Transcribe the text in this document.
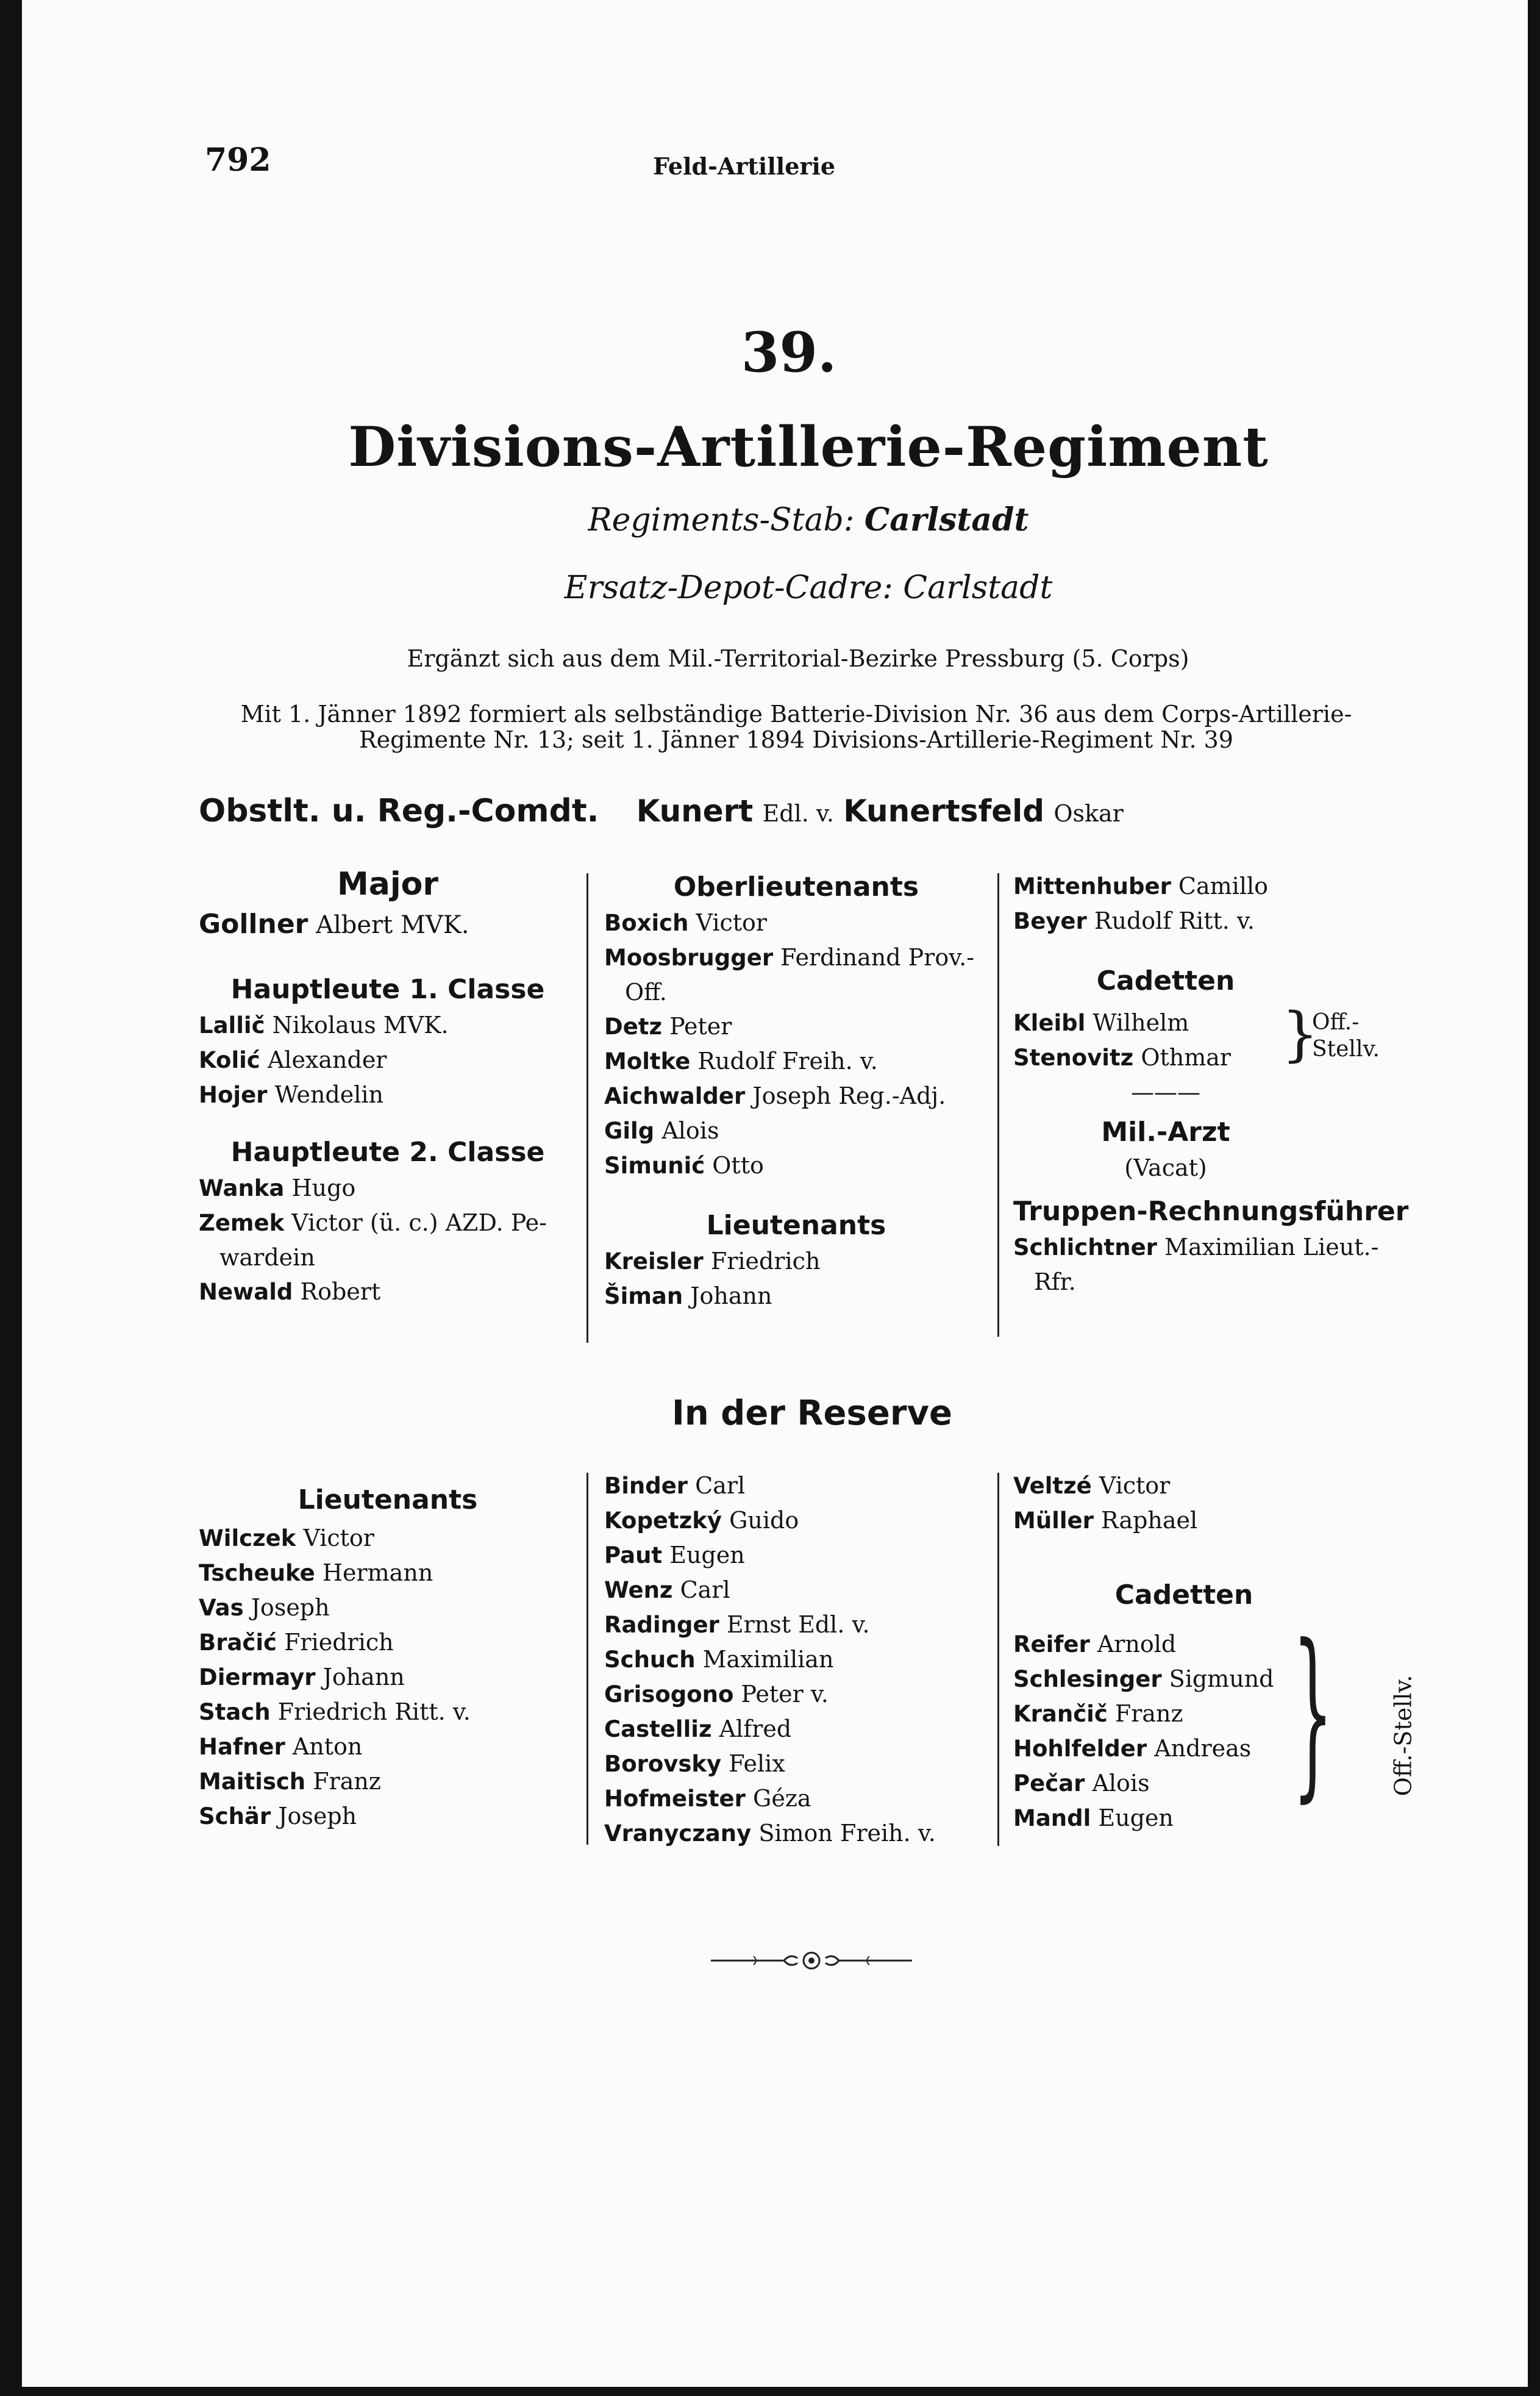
792	Feld-Artillerie
39.
Divisions-Artillerie-Regiment
Regiments-Stab: Carlstadt
Ersatz-Depot-Cadre: Carlstadt
Ergänzt sich aus dem Mil.-Territorial-Bezirke Pressburg (5. Corps)
Mit 1. Jänner 1892 formiert als selbständige Batterie-Division Nr. 36 aus dem Corps-Artillerie-Regimente Nr. 13; seit 1. Jänner 1894 Divisions-Artillerie-Regiment Nr. 39
Obstlt. u. Reg.-Comdt. Kunert Edl. v. Kunertsfeld Oskar
Major
Gollner Albert MVK.
Hauptleute 1. Classe
Lallič Nikolaus MVK.
Kolić Alexander
Hojer Wendelin
Hauptleute 2. Classe
Wanka Hugo
Zemek Victor (ü. c.) AZD. Pe-
wardein
Newald Robert
Oberlieutenants
Boxich Victor
Moosbrugger Ferdinand Prov.-
Off.
Detz Peter
Moltke Rudolf Freih. v.
Aichwalder Joseph Reg.-Adj.
Gilg Alois
Simunić Otto
Lieutenants
Kreisler Friedrich
Šiman Johann
Mittenhuber Camillo
Beyer Rudolf Ritt. v.
Cadetten
Kleibl Wilhelm
Stenovitz Othmar }
Off.-Stellv.
———
Mil.-Arzt
(Vacat)
Truppen-Rechnungsführer
Schlichtner Maximilian Lieut.-
Rfr.
In der Reserve
Lieutenants
Wilczek Victor
Tscheuke Hermann
Vas Joseph
Bračić Friedrich
Diermayr Johann
Stach Friedrich Ritt. v.
Hafner Anton
Maitisch Franz
Schär Joseph
Binder Carl
Kopetzký Guido
Paut Eugen
Wenz Carl
Radinger Ernst Edl. v.
Schuch Maximilian
Grisogono Peter v.
Castelliz Alfred
Borovsky Felix
Hofmeister Géza
Vranyczany Simon Freih. v.
Veltzé Victor
Müller Raphael
Cadetten
Reifer Arnold
Schlesinger Sigmund
Krančič Franz
Hohlfelder Andreas
Pečar Alois
Mandl Eugen } Off.-Stellv.
